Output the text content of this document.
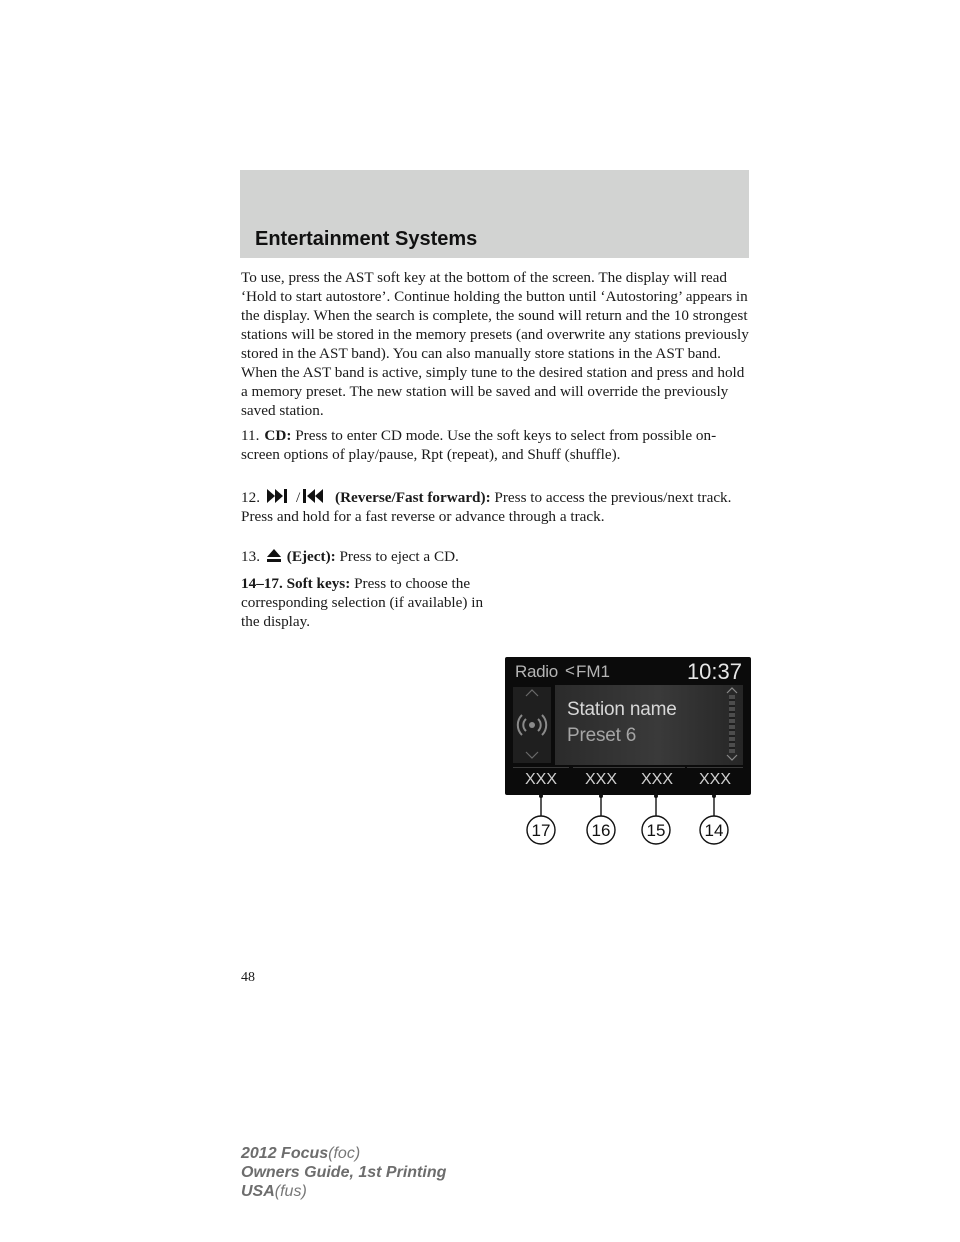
Entertainment Systems

To use, press the AST soft key at the bottom of the screen. The display will read ‘Hold to start autostore’. Continue holding the button until ‘Autostoring’ appears in the display. When the search is complete, the sound will return and the 10 strongest stations will be stored in the memory presets (and overwrite any stations previously stored in the AST band). You can also manually store stations in the AST band. When the AST band is active, simply tune to the desired station and press and hold a memory preset. The new station will be saved and will override the previously saved station.

11. CD: Press to enter CD mode. Use the soft keys to select from possible on-screen options of play/pause, Rpt (repeat), and Shuff (shuffle).

12. / (Reverse/Fast forward): Press to access the previous/next track. Press and hold for a fast reverse or advance through a track.

13. (Eject): Press to eject a CD.

14–17. Soft keys: Press to choose the corresponding selection (if available) in the display.

Radio < FM1	10:37
Station name
Preset 6
XXX	XXX	XXX	XXX
17 16 15 14
48
2012 Focus(foc)
Owners Guide, 1st Printing
USA(fus)
